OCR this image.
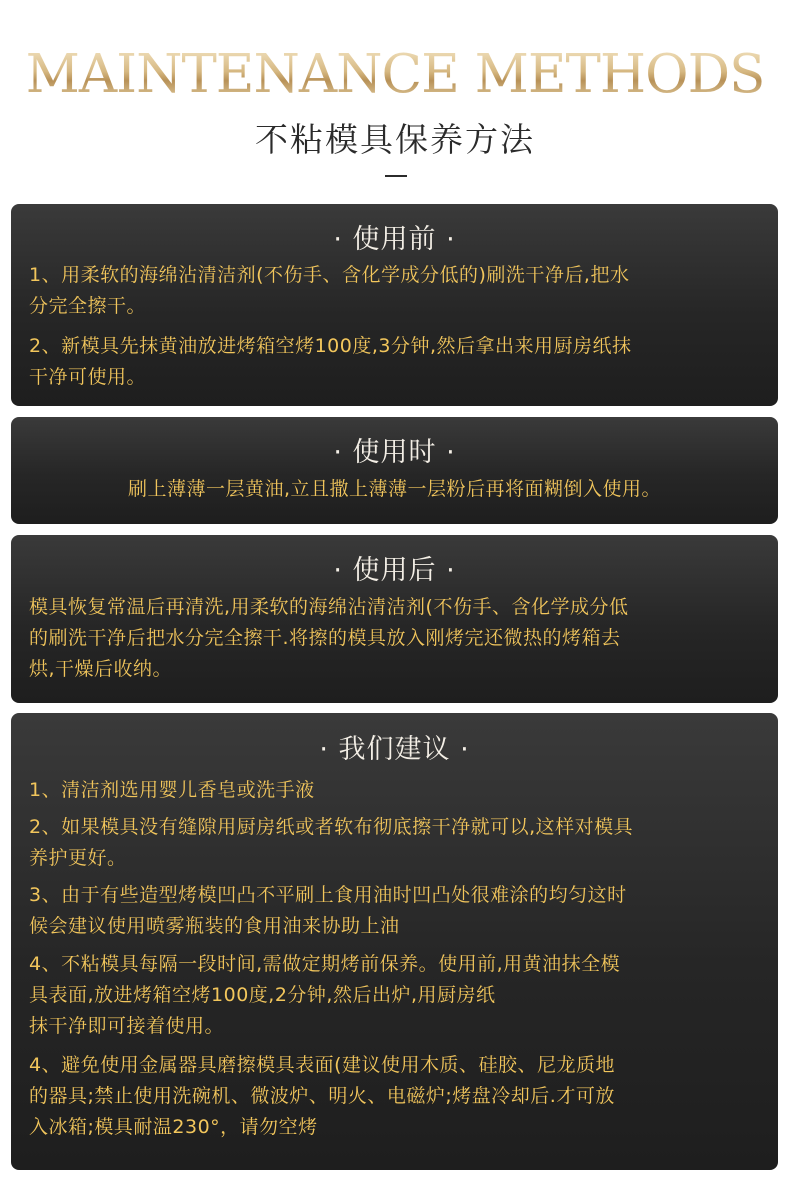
MAINTENANCE METHODS
不粘模具保养方法
· 使用前 ·

1、用柔软的海绵沾清洁剂(不伤手、含化学成分低的)刷洗干净后,把水

分完全擦干。

2、新模具先抹黄油放进烤箱空烤100度,3分钟,然后拿出来用厨房纸抹

干净可使用。

· 使用时 ·

刷上薄薄一层黄油,立且撒上薄薄一层粉后再将面糊倒入使用。

· 使用后 ·

模具恢复常温后再清洗,用柔软的海绵沾清洁剂(不伤手、含化学成分低

的刷洗干净后把水分完全擦干.将擦的模具放入刚烤完还微热的烤箱去

烘,干燥后收纳。

· 我们建议 ·

1、清洁剂选用婴儿香皂或洗手液

2、如果模具没有缝隙用厨房纸或者软布彻底擦干净就可以,这样对模具

养护更好。

3、由于有些造型烤模凹凸不平刷上食用油时凹凸处很难涂的均匀这时

候会建议使用喷雾瓶装的食用油来协助上油

4、不粘模具每隔一段时间,需做定期烤前保养。使用前,用黄油抹全模

具表面,放进烤箱空烤100度,2分钟,然后出炉,用厨房纸

抹干净即可接着使用。

4、避免使用金属器具磨擦模具表面(建议使用木质、硅胶、尼龙质地

的器具;禁止使用洗碗机、微波炉、明火、电磁炉;烤盘冷却后.才可放

入冰箱;模具耐温230°，请勿空烤
